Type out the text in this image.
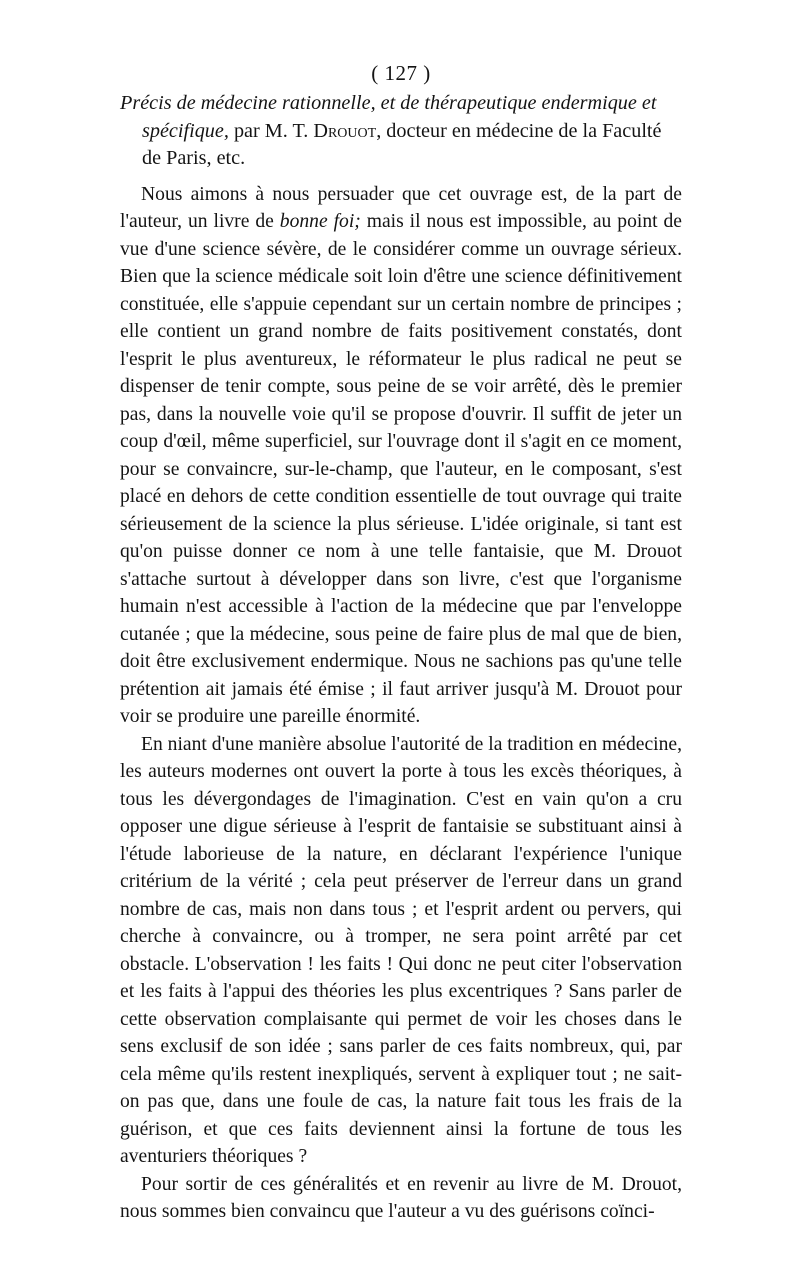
( 127 )
Précis de médecine rationnelle, et de thérapeutique endermique et spécifique, par M. T. Drouot, docteur en médecine de la Faculté de Paris, etc.

Nous aimons à nous persuader que cet ouvrage est, de la part de l'auteur, un livre de bonne foi; mais il nous est impossible, au point de vue d'une science sévère, de le considérer comme un ouvrage sérieux. Bien que la science médicale soit loin d'être une science définitivement constituée, elle s'appuie cependant sur un certain nombre de principes ; elle contient un grand nombre de faits positivement constatés, dont l'esprit le plus aventureux, le réformateur le plus radical ne peut se dispenser de tenir compte, sous peine de se voir arrêté, dès le premier pas, dans la nouvelle voie qu'il se propose d'ouvrir. Il suffit de jeter un coup d'œil, même superficiel, sur l'ouvrage dont il s'agit en ce moment, pour se convaincre, sur-le-champ, que l'auteur, en le composant, s'est placé en dehors de cette condition essentielle de tout ouvrage qui traite sérieusement de la science la plus sérieuse. L'idée originale, si tant est qu'on puisse donner ce nom à une telle fantaisie, que M. Drouot s'attache surtout à développer dans son livre, c'est que l'organisme humain n'est accessible à l'action de la médecine que par l'enveloppe cutanée ; que la médecine, sous peine de faire plus de mal que de bien, doit être exclusivement endermique. Nous ne sachions pas qu'une telle prétention ait jamais été émise ; il faut arriver jusqu'à M. Drouot pour voir se produire une pareille énormité.

En niant d'une manière absolue l'autorité de la tradition en médecine, les auteurs modernes ont ouvert la porte à tous les excès théoriques, à tous les dévergondages de l'imagination. C'est en vain qu'on a cru opposer une digue sérieuse à l'esprit de fantaisie se substituant ainsi à l'étude laborieuse de la nature, en déclarant l'expérience l'unique critérium de la vérité ; cela peut préserver de l'erreur dans un grand nombre de cas, mais non dans tous ; et l'esprit ardent ou pervers, qui cherche à convaincre, ou à tromper, ne sera point arrêté par cet obstacle. L'observation ! les faits ! Qui donc ne peut citer l'observation et les faits à l'appui des théories les plus excentriques ? Sans parler de cette observation complaisante qui permet de voir les choses dans le sens exclusif de son idée ; sans parler de ces faits nombreux, qui, par cela même qu'ils restent inexpliqués, servent à expliquer tout ; ne sait-on pas que, dans une foule de cas, la nature fait tous les frais de la guérison, et que ces faits deviennent ainsi la fortune de tous les aventuriers théoriques ?

Pour sortir de ces généralités et en revenir au livre de M. Drouot, nous sommes bien convaincu que l'auteur a vu des guérisons coïnci-
